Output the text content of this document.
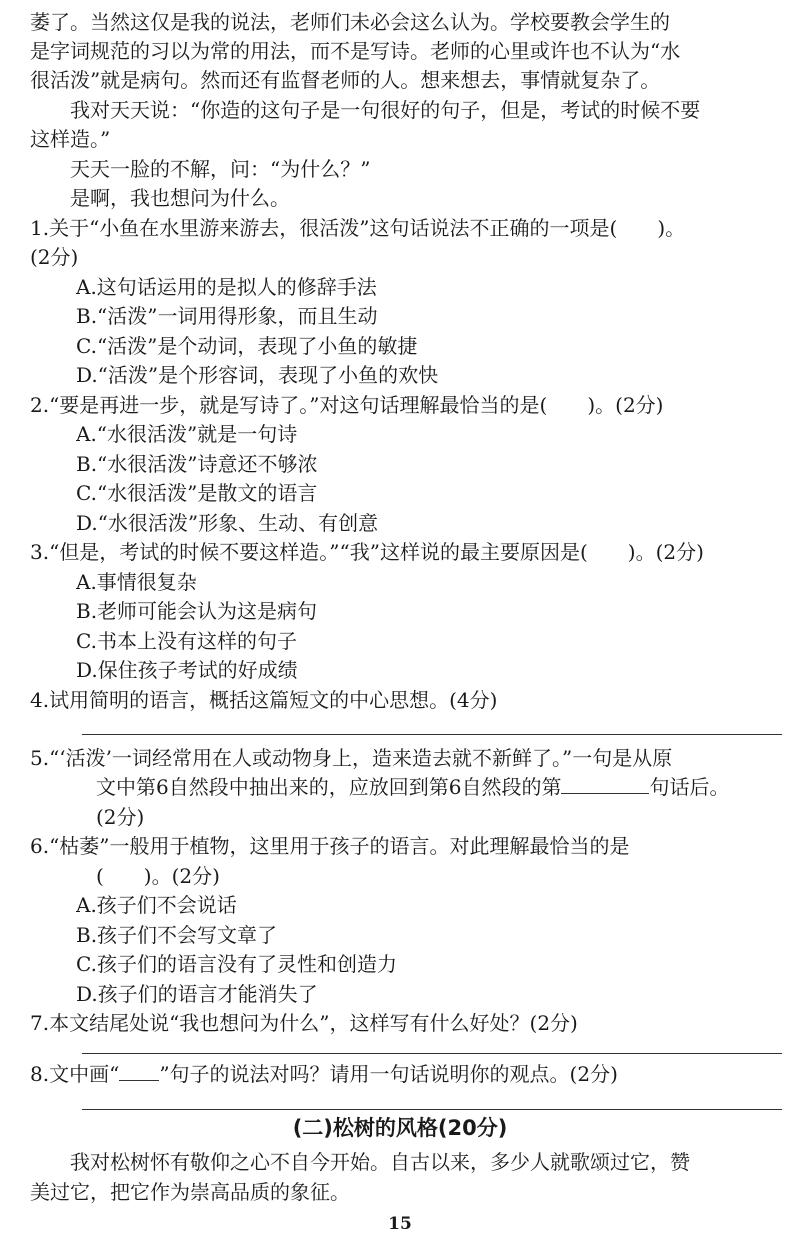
萎了。当然这仅是我的说法，老师们未必会这么认为。学校要教会学生的
是字词规范的习以为常的用法，而不是写诗。老师的心里或许也不认为“水
很活泼”就是病句。然而还有监督老师的人。想来想去，事情就复杂了。
我对天天说：“你造的这句子是一句很好的句子，但是，考试的时候不要
这样造。”
天天一脸的不解，问：“为什么？”
是啊，我也想问为什么。
1.关于“小鱼在水里游来游去，很活泼”这句话说法不正确的一项是(　　)。
(2分)
A.这句话运用的是拟人的修辞手法
B.“活泼”一词用得形象，而且生动
C.“活泼”是个动词，表现了小鱼的敏捷
D.“活泼”是个形容词，表现了小鱼的欢快
2.“要是再进一步，就是写诗了。”对这句话理解最恰当的是(　　)。(2分)
A.“水很活泼”就是一句诗
B.“水很活泼”诗意还不够浓
C.“水很活泼”是散文的语言
D.“水很活泼”形象、生动、有创意
3.“但是，考试的时候不要这样造。”“我”这样说的最主要原因是(　　)。(2分)
A.事情很复杂
B.老师可能会认为这是病句
C.书本上没有这样的句子
D.保住孩子考试的好成绩
4.试用简明的语言，概括这篇短文的中心思想。(4分)
5.“‘活泼’一词经常用在人或动物身上，造来造去就不新鲜了。”一句是从原
文中第6自然段中抽出来的，应放回到第6自然段的第	句话后。
(2分)
6.“枯萎”一般用于植物，这里用于孩子的语言。对此理解最恰当的是
(　　)。(2分)
A.孩子们不会说话
B.孩子们不会写文章了
C.孩子们的语言没有了灵性和创造力
D.孩子们的语言才能消失了
7.本文结尾处说“我也想问为什么”，这样写有什么好处？(2分)
8.文中画“ ”句子的说法对吗？请用一句话说明你的观点。(2分)
(二)松树的风格(20分)
我对松树怀有敬仰之心不自今开始。自古以来，多少人就歌颂过它，赞
美过它，把它作为崇高品质的象征。
15
